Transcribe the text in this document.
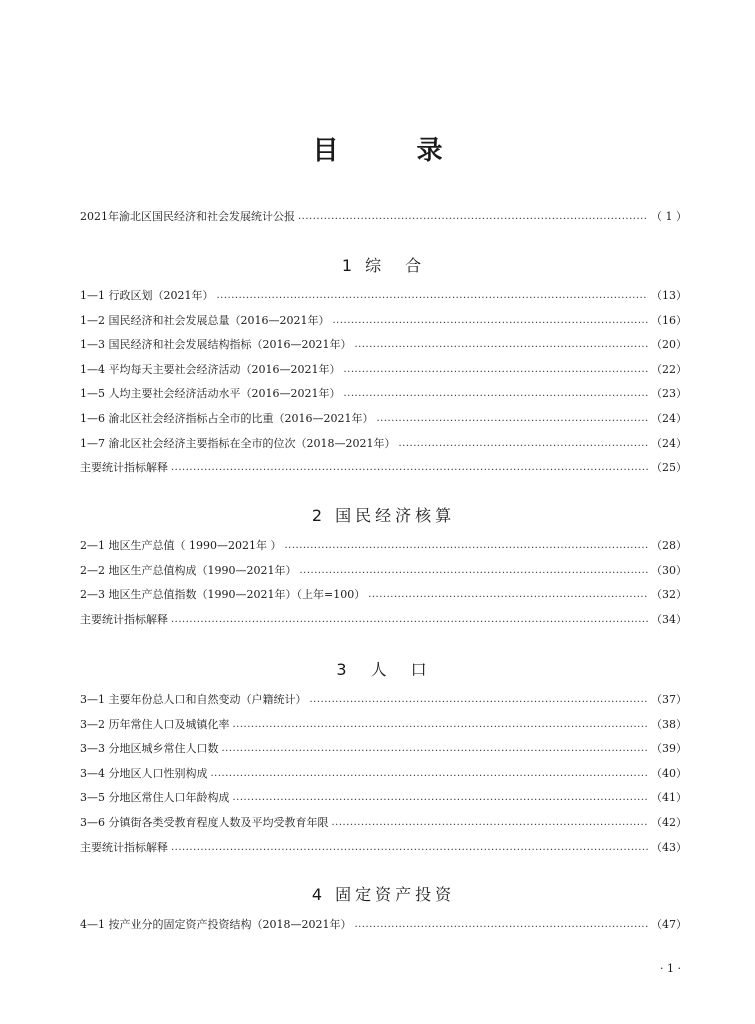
目　录
2021年渝北区国民经济和社会发展统计公报 ·····	（ 1 ）
1 综　合
1—1 行政区划（2021年） ·····	（13）
1—2 国民经济和社会发展总量（2016—2021年） ·····	（16）
1—3 国民经济和社会发展结构指标（2016—2021年） ·····	（20）
1—4 平均每天主要社会经济活动（2016—2021年） ·····	（22）
1—5 人均主要社会经济活动水平（2016—2021年） ·····	（23）
1—6 渝北区社会经济指标占全市的比重（2016—2021年） ·····	（24）
1—7 渝北区社会经济主要指标在全市的位次（2018—2021年） ·····	（24）
主要统计指标解释 ·····	（25）
2 国民经济核算
2—1 地区生产总值（ 1990—2021年 ） ·····	（28）
2—2 地区生产总值构成（1990—2021年） ·····	（30）
2—3 地区生产总值指数（1990—2021年）（上年=100） ·····	（32）
主要统计指标解释 ·····	（34）
3　人　口
3—1 主要年份总人口和自然变动（户籍统计） ·····	（37）
3—2 历年常住人口及城镇化率 ·····	（38）
3—3 分地区城乡常住人口数 ·····	（39）
3—4 分地区人口性别构成 ·····	（40）
3—5 分地区常住人口年龄构成 ·····	（41）
3—6 分镇街各类受教育程度人数及平均受教育年限 ·····	（42）
主要统计指标解释 ·····	（43）
4 固定资产投资
4—1 按产业分的固定资产投资结构（2018—2021年） ·····	（47）
· 1 ·
